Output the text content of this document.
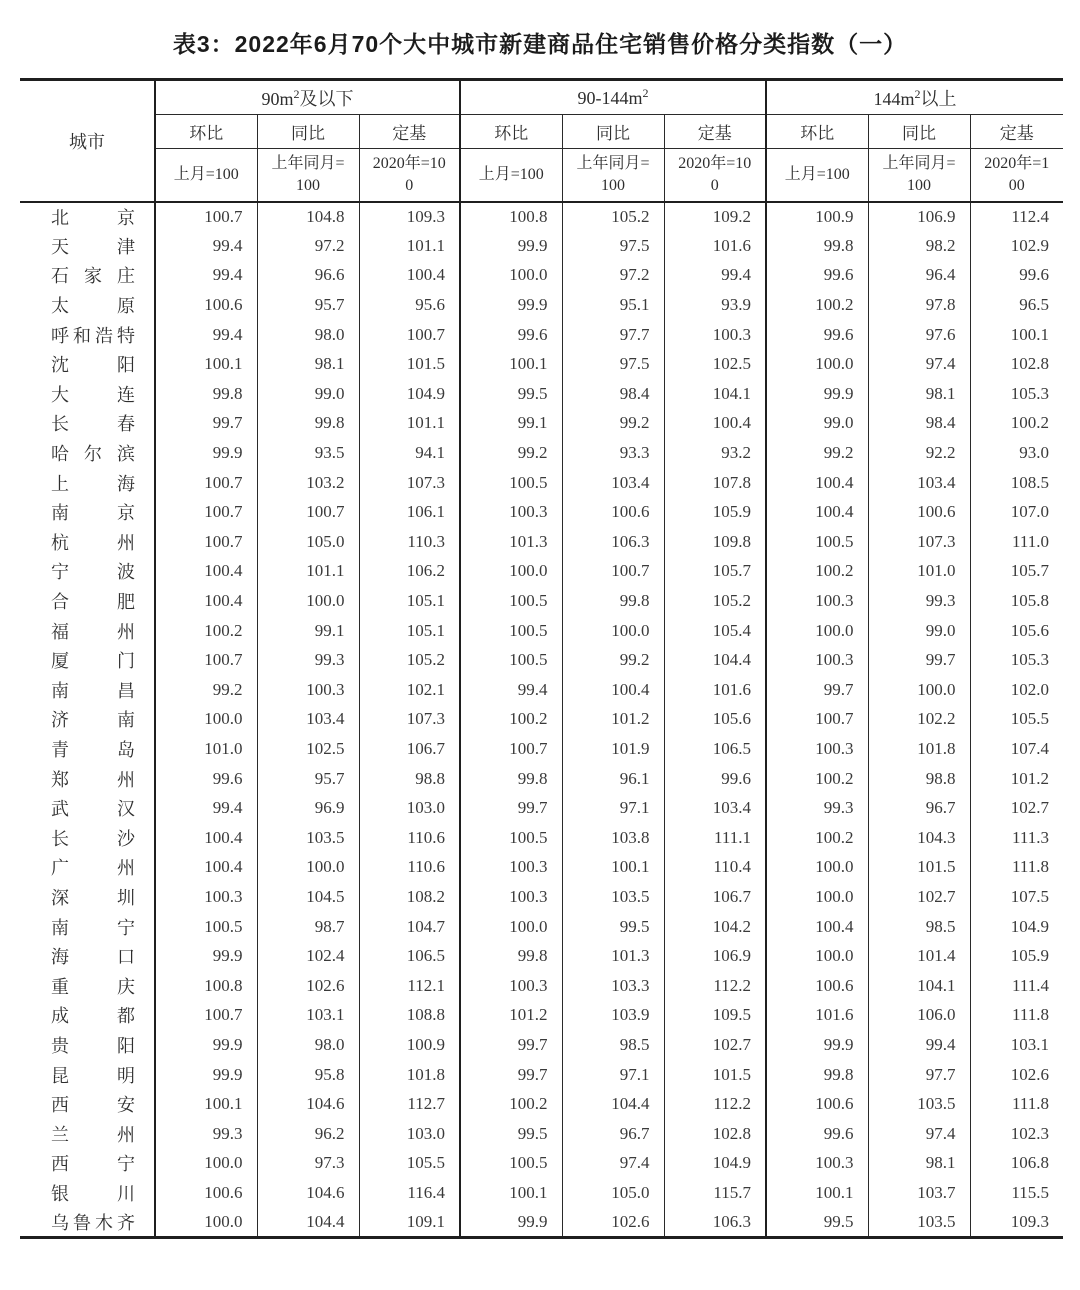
表3：2022年6月70个大中城市新建商品住宅销售价格分类指数（一）
城市	$90m^2$及以下			$90-144m^2$			$144m^2$以上		
	环比	同比	定基	环比	同比	定基	环比	同比	定基
	上月=100	上年同月=100	2020年=100	上月=100	上年同月=100	2020年=100	上月=100	上年同月=100	2020年=100
北京	100.7	104.8	109.3	100.8	105.2	109.2	100.9	106.9	112.4
天津	99.4	97.2	101.1	99.9	97.5	101.6	99.8	98.2	102.9
石家庄	99.4	96.6	100.4	100.0	97.2	99.4	99.6	96.4	99.6
太原	100.6	95.7	95.6	99.9	95.1	93.9	100.2	97.8	96.5
呼和浩特	99.4	98.0	100.7	99.6	97.7	100.3	99.6	97.6	100.1
沈阳	100.1	98.1	101.5	100.1	97.5	102.5	100.0	97.4	102.8
大连	99.8	99.0	104.9	99.5	98.4	104.1	99.9	98.1	105.3
长春	99.7	99.8	101.1	99.1	99.2	100.4	99.0	98.4	100.2
哈尔滨	99.9	93.5	94.1	99.2	93.3	93.2	99.2	92.2	93.0
上海	100.7	103.2	107.3	100.5	103.4	107.8	100.4	103.4	108.5
南京	100.7	100.7	106.1	100.3	100.6	105.9	100.4	100.6	107.0
杭州	100.7	105.0	110.3	101.3	106.3	109.8	100.5	107.3	111.0
宁波	100.4	101.1	106.2	100.0	100.7	105.7	100.2	101.0	105.7
合肥	100.4	100.0	105.1	100.5	99.8	105.2	100.3	99.3	105.8
福州	100.2	99.1	105.1	100.5	100.0	105.4	100.0	99.0	105.6
厦门	100.7	99.3	105.2	100.5	99.2	104.4	100.3	99.7	105.3
南昌	99.2	100.3	102.1	99.4	100.4	101.6	99.7	100.0	102.0
济南	100.0	103.4	107.3	100.2	101.2	105.6	100.7	102.2	105.5
青岛	101.0	102.5	106.7	100.7	101.9	106.5	100.3	101.8	107.4
郑州	99.6	95.7	98.8	99.8	96.1	99.6	100.2	98.8	101.2
武汉	99.4	96.9	103.0	99.7	97.1	103.4	99.3	96.7	102.7
长沙	100.4	103.5	110.6	100.5	103.8	111.1	100.2	104.3	111.3
广州	100.4	100.0	110.6	100.3	100.1	110.4	100.0	101.5	111.8
深圳	100.3	104.5	108.2	100.3	103.5	106.7	100.0	102.7	107.5
南宁	100.5	98.7	104.7	100.0	99.5	104.2	100.4	98.5	104.9
海口	99.9	102.4	106.5	99.8	101.3	106.9	100.0	101.4	105.9
重庆	100.8	102.6	112.1	100.3	103.3	112.2	100.6	104.1	111.4
成都	100.7	103.1	108.8	101.2	103.9	109.5	101.6	106.0	111.8
贵阳	99.9	98.0	100.9	99.7	98.5	102.7	99.9	99.4	103.1
昆明	99.9	95.8	101.8	99.7	97.1	101.5	99.8	97.7	102.6
西安	100.1	104.6	112.7	100.2	104.4	112.2	100.6	103.5	111.8
兰州	99.3	96.2	103.0	99.5	96.7	102.8	99.6	97.4	102.3
西宁	100.0	97.3	105.5	100.5	97.4	104.9	100.3	98.1	106.8
银川	100.6	104.6	116.4	100.1	105.0	115.7	100.1	103.7	115.5
乌鲁木齐	100.0	104.4	109.1	99.9	102.6	106.3	99.5	103.5	109.3
